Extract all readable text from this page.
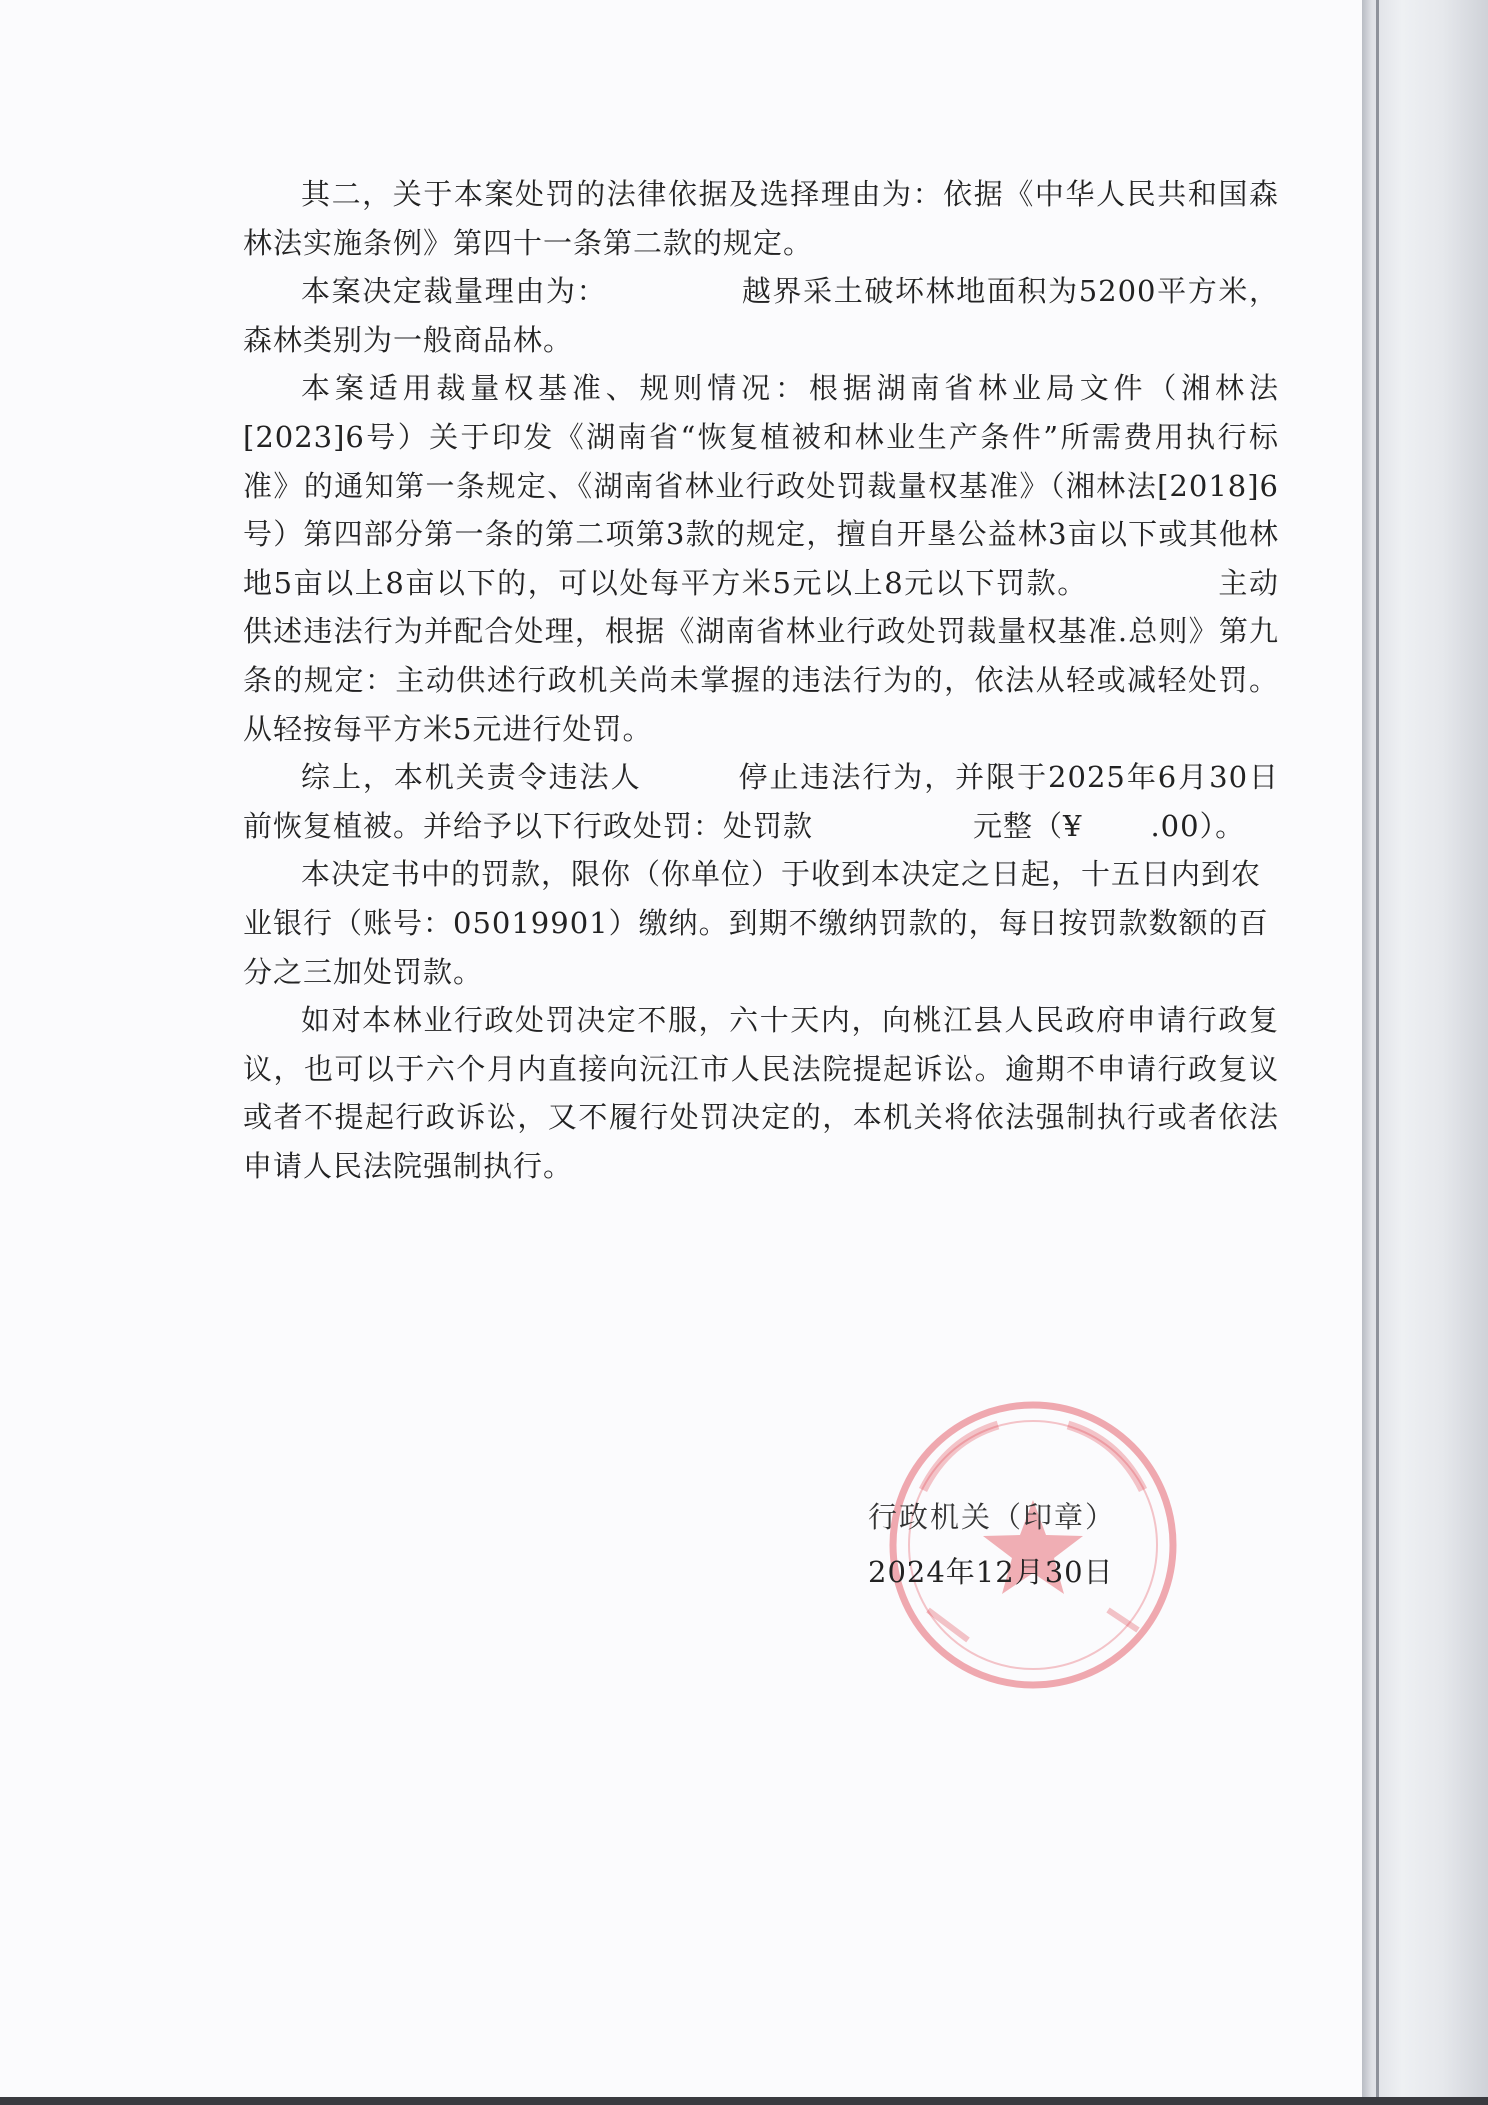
其二，关于本案处罚的法律依据及选择理由为：依据《中华人民共和国森林法实施条例》第四十一条第二款的规定。

本案决定裁量理由为：	越界采土破坏林地面积为5200平方米，森林类别为一般商品林。

本案适用裁量权基准、规则情况：根据湖南省林业局文件（湘林法[2023]6号）关于印发《湖南省“恢复植被和林业生产条件”所需费用执行标准》的通知第一条规定、《湖南省林业行政处罚裁量权基准》（湘林法[2018]6号）第四部分第一条的第二项第3款的规定，擅自开垦公益林3亩以下或其他林地5亩以上8亩以下的，可以处每平方米5元以上8元以下罚款。	主动供述违法行为并配合处理，根据《湖南省林业行政处罚裁量权基准.总则》第九条的规定：主动供述行政机关尚未掌握的违法行为的，依法从轻或减轻处罚。从轻按每平方米5元进行处罚。

综上，本机关责令违法人	停止违法行为，并限于2025年6月30日前恢复植被。并给予以下行政处罚：处罚款	元整（¥ .00）。

本决定书中的罚款，限你（你单位）于收到本决定之日起，十五日内到农业银行（账号：05019901）缴纳。到期不缴纳罚款的，每日按罚款数额的百分之三加处罚款。

如对本林业行政处罚决定不服，六十天内，向桃江县人民政府申请行政复议，也可以于六个月内直接向沅江市人民法院提起诉讼。逾期不申请行政复议或者不提起行政诉讼，又不履行处罚决定的，本机关将依法强制执行或者依法申请人民法院强制执行。

行政机关（印章）
2024年12月30日
